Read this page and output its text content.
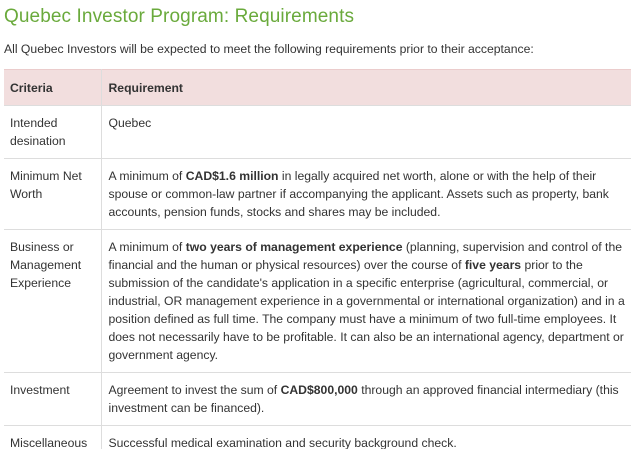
Quebec Investor Program: Requirements

All Quebec Investors will be expected to meet the following requirements prior to their acceptance:

Criteria	Requirement
Intended desination	Quebec
Minimum Net Worth	A minimum of CAD$1.6 million in legally acquired net worth, alone or with the help of their spouse or common-law partner if accompanying the applicant. Assets such as property, bank accounts, pension funds, stocks and shares may be included.
Business or Management Experience	A minimum of two years of management experience (planning, supervision and control of the financial and the human or physical resources) over the course of five years prior to the submission of the candidate's application in a specific enterprise (agricultural, commercial, or industrial, OR management experience in a governmental or international organization) and in a position defined as full time. The company must have a minimum of two full-time employees. It does not necessarily have to be profitable. It can also be an international agency, department or government agency.
Investment	Agreement to invest the sum of CAD$800,000 through an approved financial intermediary (this investment can be financed).
Miscellaneous	Successful medical examination and security background check.
